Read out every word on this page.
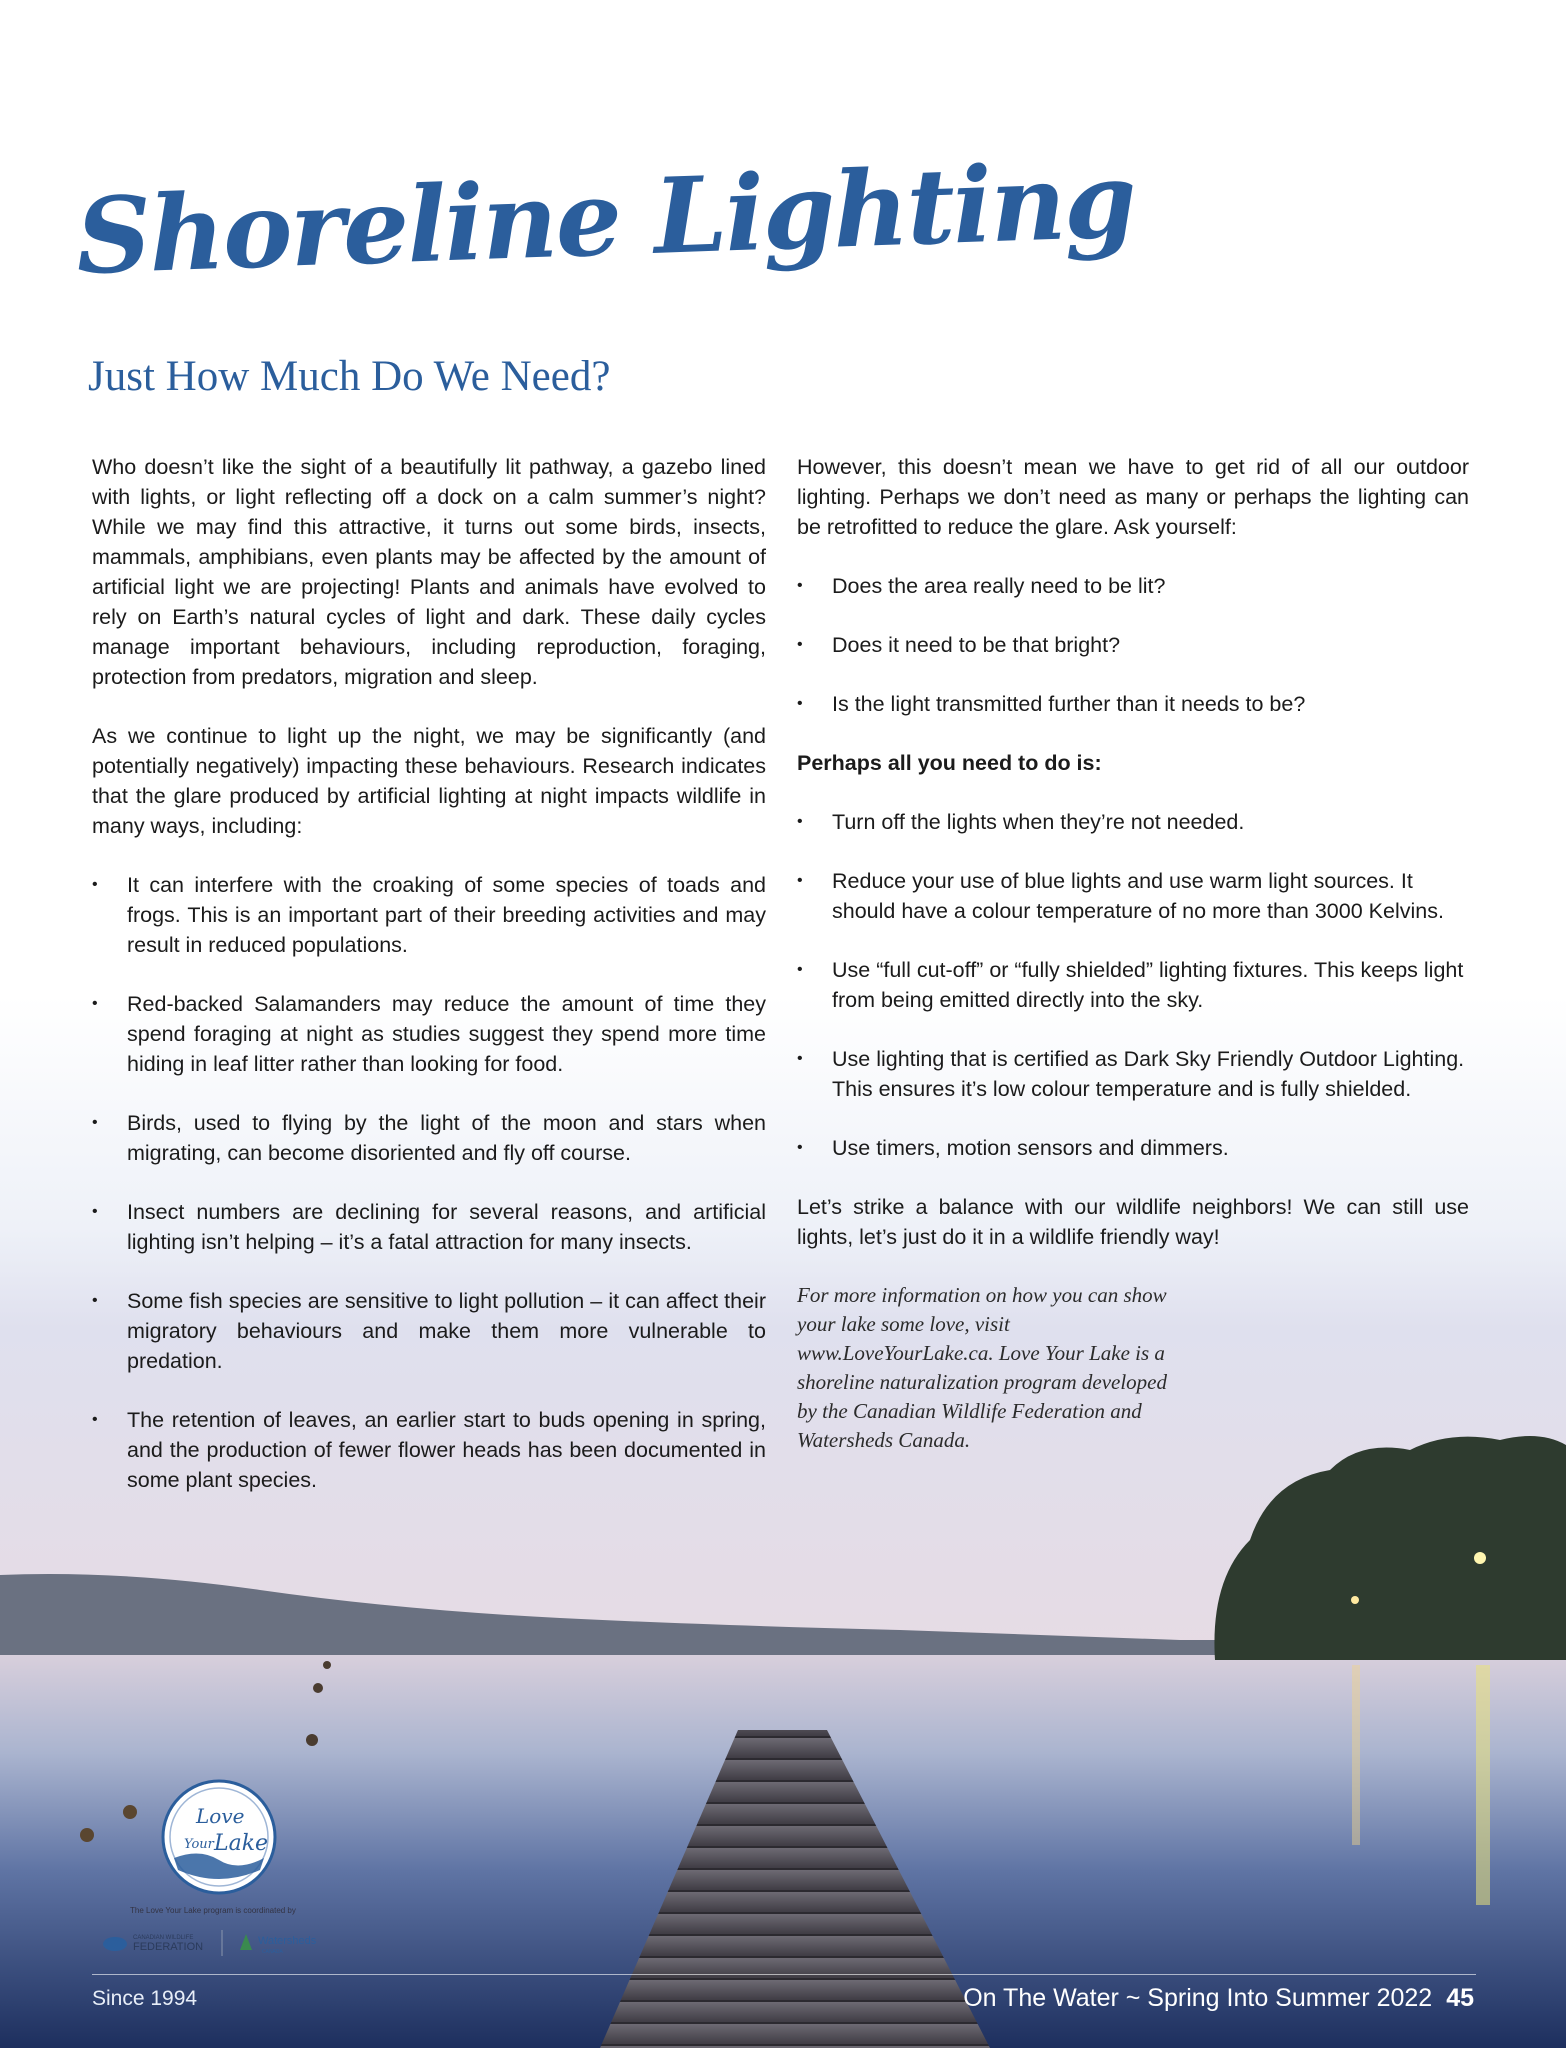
Shoreline Lighting
Just How Much Do We Need?

Who doesn’t like the sight of a beautifully lit pathway, a gazebo lined with lights, or light reflecting off a dock on a calm summer’s night? While we may find this attractive, it turns out some birds, insects, mammals, amphibians, even plants may be affected by the amount of artificial light we are projecting! Plants and animals have evolved to rely on Earth’s natural cycles of light and dark. These daily cycles manage important behaviours, including reproduction, foraging, protection from predators, migration and sleep.

As we continue to light up the night, we may be significantly (and potentially negatively) impacting these behaviours. Research indicates that the glare produced by artificial lighting at night impacts wildlife in many ways, including:

• It can interfere with the croaking of some species of toads and frogs. This is an important part of their breeding activities and may result in reduced populations.
• Red-backed Salamanders may reduce the amount of time they spend foraging at night as studies suggest they spend more time hiding in leaf litter rather than looking for food.
• Birds, used to flying by the light of the moon and stars when migrating, can become disoriented and fly off course.
• Insect numbers are declining for several reasons, and artificial lighting isn’t helping – it’s a fatal attraction for many insects.
• Some fish species are sensitive to light pollution – it can affect their migratory behaviours and make them more vulnerable to predation.
• The retention of leaves, an earlier start to buds opening in spring, and the production of fewer flower heads has been documented in some plant species.

However, this doesn’t mean we have to get rid of all our outdoor lighting. Perhaps we don’t need as many or perhaps the lighting can be retrofitted to reduce the glare. Ask yourself:

• Does the area really need to be lit?
• Does it need to be that bright?
• Is the light transmitted further than it needs to be?

Perhaps all you need to do is:

• Turn off the lights when they’re not needed.
• Reduce your use of blue lights and use warm light sources. It should have a colour temperature of no more than 3000 Kelvins.
• Use “full cut-off” or “fully shielded” lighting fixtures. This keeps light from being emitted directly into the sky.
• Use lighting that is certified as Dark Sky Friendly Outdoor Lighting. This ensures it’s low colour temperature and is fully shielded.
• Use timers, motion sensors and dimmers.

Let’s strike a balance with our wildlife neighbors! We can still use lights, let’s just do it in a wildlife friendly way!

For more information on how you can show your lake some love, visit www.LoveYourLake.ca. Love Your Lake is a shoreline naturalization program developed by the Canadian Wildlife Federation and Watersheds Canada.

Love
Your Lake
The Love Your Lake program is coordinated by
CANADIAN WILDLIFE
FEDERATION	Watersheds
CANADA
Since 1994	On The Water ~ Spring Into Summer 2022 45
